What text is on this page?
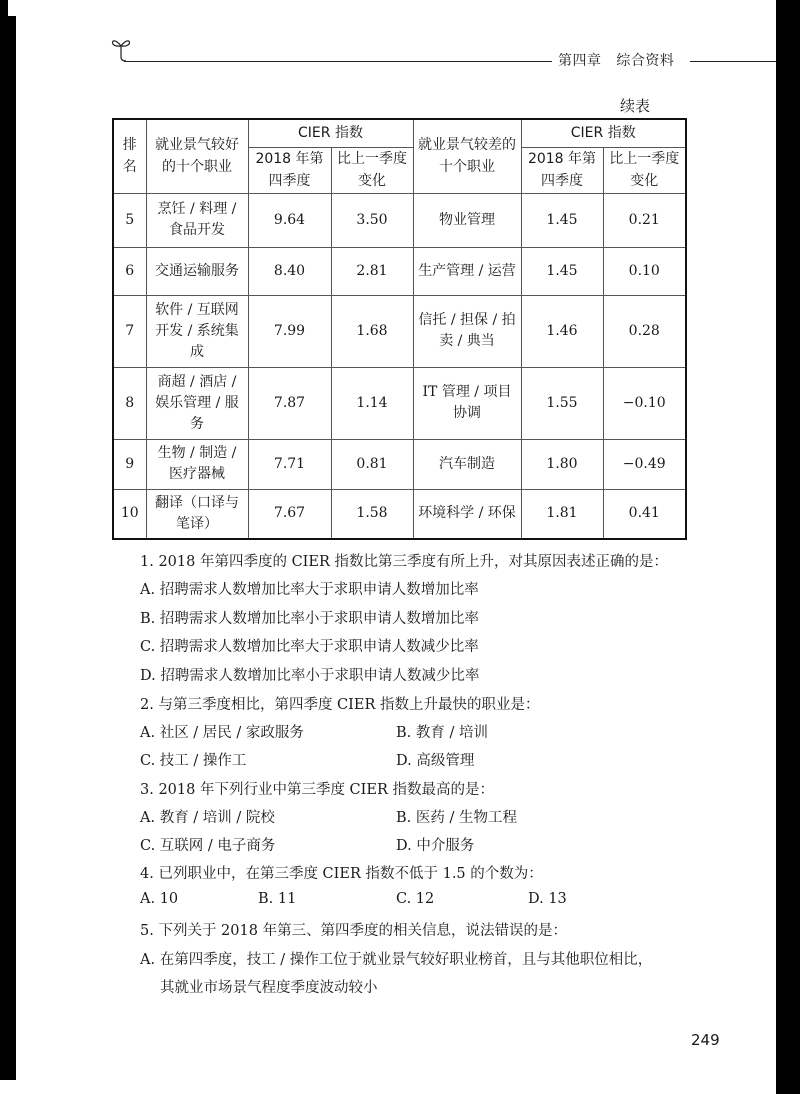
第四章 综合资料
续表
排名	就业景气较好的十个职业	CIER 指数		就业景气较差的十个职业	CIER 指数	
		2018 年第四季度	比上一季度变化		2018 年第四季度	比上一季度变化
5	烹饪 / 料理 / 食品开发	9.64	3.50	物业管理	1.45	0.21
6	交通运输服务	8.40	2.81	生产管理 / 运营	1.45	0.10
7	软件 / 互联网开发 / 系统集成	7.99	1.68	信托 / 担保 / 拍卖 / 典当	1.46	0.28
8	商超 / 酒店 / 娱乐管理 / 服务	7.87	1.14	IT 管理 / 项目协调	1.55	−0.10
9	生物 / 制造 / 医疗器械	7.71	0.81	汽车制造	1.80	−0.49
10	翻译（口译与笔译）	7.67	1.58	环境科学 / 环保	1.81	0.41
1. 2018 年第四季度的 CIER 指数比第三季度有所上升，对其原因表述正确的是：
A. 招聘需求人数增加比率大于求职申请人数增加比率
B. 招聘需求人数增加比率小于求职申请人数增加比率
C. 招聘需求人数增加比率大于求职申请人数减少比率
D. 招聘需求人数增加比率小于求职申请人数减少比率
2. 与第三季度相比，第四季度 CIER 指数上升最快的职业是：
A. 社区 / 居民 / 家政服务	B. 教育 / 培训
C. 技工 / 操作工	D. 高级管理
3. 2018 年下列行业中第三季度 CIER 指数最高的是：
A. 教育 / 培训 / 院校	B. 医药 / 生物工程
C. 互联网 / 电子商务	D. 中介服务
4. 已列职业中，在第三季度 CIER 指数不低于 1.5 的个数为：
A. 10	B. 11	C. 12	D. 13
5. 下列关于 2018 年第三、第四季度的相关信息，说法错误的是：
A. 在第四季度，技工 / 操作工位于就业景气较好职业榜首，且与其他职位相比，
其就业市场景气程度季度波动较小
249
